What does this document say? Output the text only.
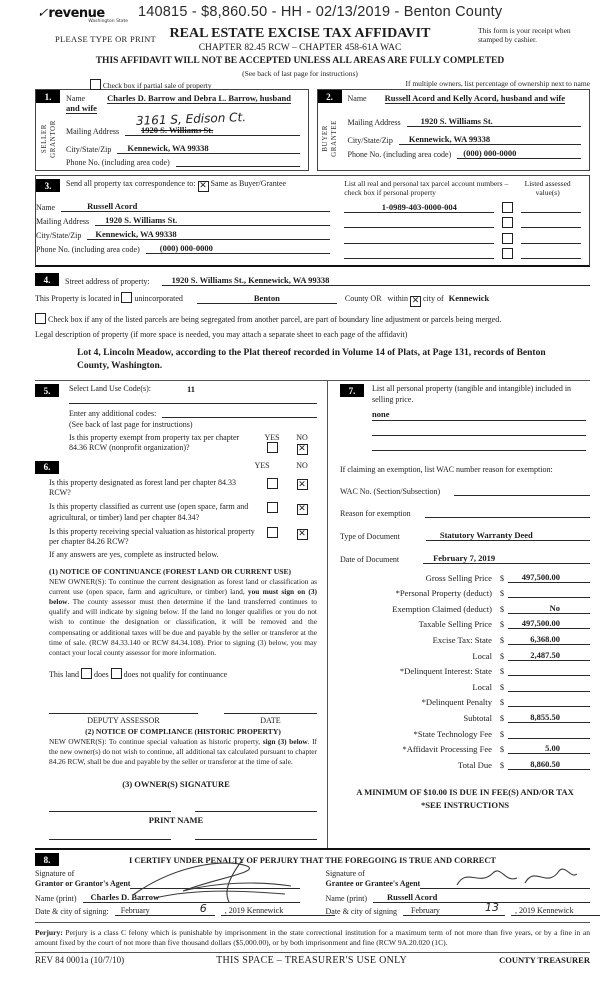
✓revenue
Washington State
140815 - $8,860.50 - HH - 02/13/2019 - Benton County
PLEASE TYPE OR PRINT REAL ESTATE EXCISE TAX AFFIDAVIT
CHAPTER 82.45 RCW – CHAPTER 458-61A WAC
This form is your receipt when stamped by cashier.
THIS AFFIDAVIT WILL NOT BE ACCEPTED UNLESS ALL AREAS ARE FULLY COMPLETED
(See back of last page for instructions)
Check box if partial sale of property	If multiple owners, list percentage of ownership next to name
1.
SELLER GRANTOR
Name	Charles D. Barrow and Debra L. Barrow, husband and wife
3161 S, Edison Ct.
Mailing Address	1920 S. Williams St.
City/State/Zip	Kennewick, WA 99338
Phone No. (including area code)
2.
BUYER GRANTEE
Name Russell Acord and Kelly Acord, husband and wife
Mailing Address	1920 S. Williams St.
City/State/Zip	Kennewick, WA 99338
Phone No. (including area code)	(000) 000-0000
3.	Send all property tax correspondence to: ✕ Same as Buyer/Grantee
Name	Russell Acord
Mailing Address	1920 S. Williams St.
City/State/Zip	Kennewick, WA 99338
Phone No. (including area code)	(000) 000-0000
List all real and personal tax parcel account numbers – check box if personal property
Listed assessed value(s)
1-0989-403-0000-004
4.	Street address of property:	1920 S. Williams St., Kennewick, WA 99338
This Property is located in unincorporated	Benton	County OR within ✕ city of Kennewick
Check box if any of the listed parcels are being segregated from another parcel, are part of boundary line adjustment or parcels being merged.
Legal description of property (if more space is needed, you may attach a separate sheet to each page of the affidavit)
Lot 4, Lincoln Meadow, according to the Plat thereof recorded in Volume 14 of Plats, at Page 131, records of Benton County, Washington.
5.	Select Land Use Code(s):	11
Enter any additional codes:
(See back of last page for instructions)
Is this property exempt from property tax per chapter 84.36 RCW (nonprofit organization)?
YES	NO
✕
6.	YES	NO
Is this property designated as forest land per chapter 84.33 RCW?
✕
Is this property classified as current use (open space, farm and agricultural, or timber) land per chapter 84.34?
✕
Is this property receiving special valuation as historical property per chapter 84.26 RCW?
✕
If any answers are yes, complete as instructed below.
(1) NOTICE OF CONTINUANCE (FOREST LAND OR CURRENT USE)
NEW OWNER(S): To continue the current designation as forest land or classification as current use (open space, farm and agriculture, or timber) land, you must sign on (3) below. The county assessor must then determine if the land transferred continues to qualify and will indicate by signing below. If the land no longer qualifies or you do not wish to continue the designation or classification, it will be removed and the compensating or additional taxes will be due and payable by the seller or transferor at the time of sale. (RCW 84.33.140 or RCW 84.34.108). Prior to signing (3) below, you may contact your local county assessor for more information.
This land does does not qualify for continuance
DEPUTY ASSESSOR	DATE
(2) NOTICE OF COMPLIANCE (HISTORIC PROPERTY)
NEW OWNER(S): To continue special valuation as historic property, sign (3) below. If the new owner(s) do not wish to continue, all additional tax calculated pursuant to chapter 84.26 RCW, shall be due and payable by the seller or transferor at the time of sale.
(3) OWNER(S) SIGNATURE
PRINT NAME
7.	List all personal property (tangible and intangible) included in selling price.
none
If claiming an exemption, list WAC number reason for exemption:
WAC No. (Section/Subsection)
Reason for exemption
Type of Document	Statutory Warranty Deed
Date of Document	February 7, 2019
Gross Selling Price $	497,500.00
*Personal Property (deduct) $
Exemption Claimed (deduct) $	No
Taxable Selling Price $	497,500.00
Excise Tax: State $	6,368.00
Local $	2,487.50
*Delinquent Interest: State $
Local $
*Delinquent Penalty $
Subtotal $	8,855.50
*State Technology Fee $
*Affidavit Processing Fee $	5.00
Total Due $	8,860.50
A MINIMUM OF $10.00 IS DUE IN FEE(S) AND/OR TAX
*SEE INSTRUCTIONS
8.	I CERTIFY UNDER PENALTY OF PERJURY THAT THE FOREGOING IS TRUE AND CORRECT
Signature of
Grantor or Grantor's Agent
Name (print)	Charles D. Barrow
Date & city of signing:	February	6	, 2019 Kennewick
Signature of
Grantee or Grantee's Agent
Name (print)	Russell Acord
Date & city of signing	February	13	, 2019 Kennewick
Perjury: Perjury is a class C felony which is punishable by imprisonment in the state correctional institution for a maximum term of not more than five years, or by a fine in an amount fixed by the court of not more than five thousand dollars ($5,000.00), or by both imprisonment and fine (RCW 9A.20.020 (1C).
REV 84 0001a (10/7/10)	THIS SPACE – TREASURER'S USE ONLY	COUNTY TREASURER
